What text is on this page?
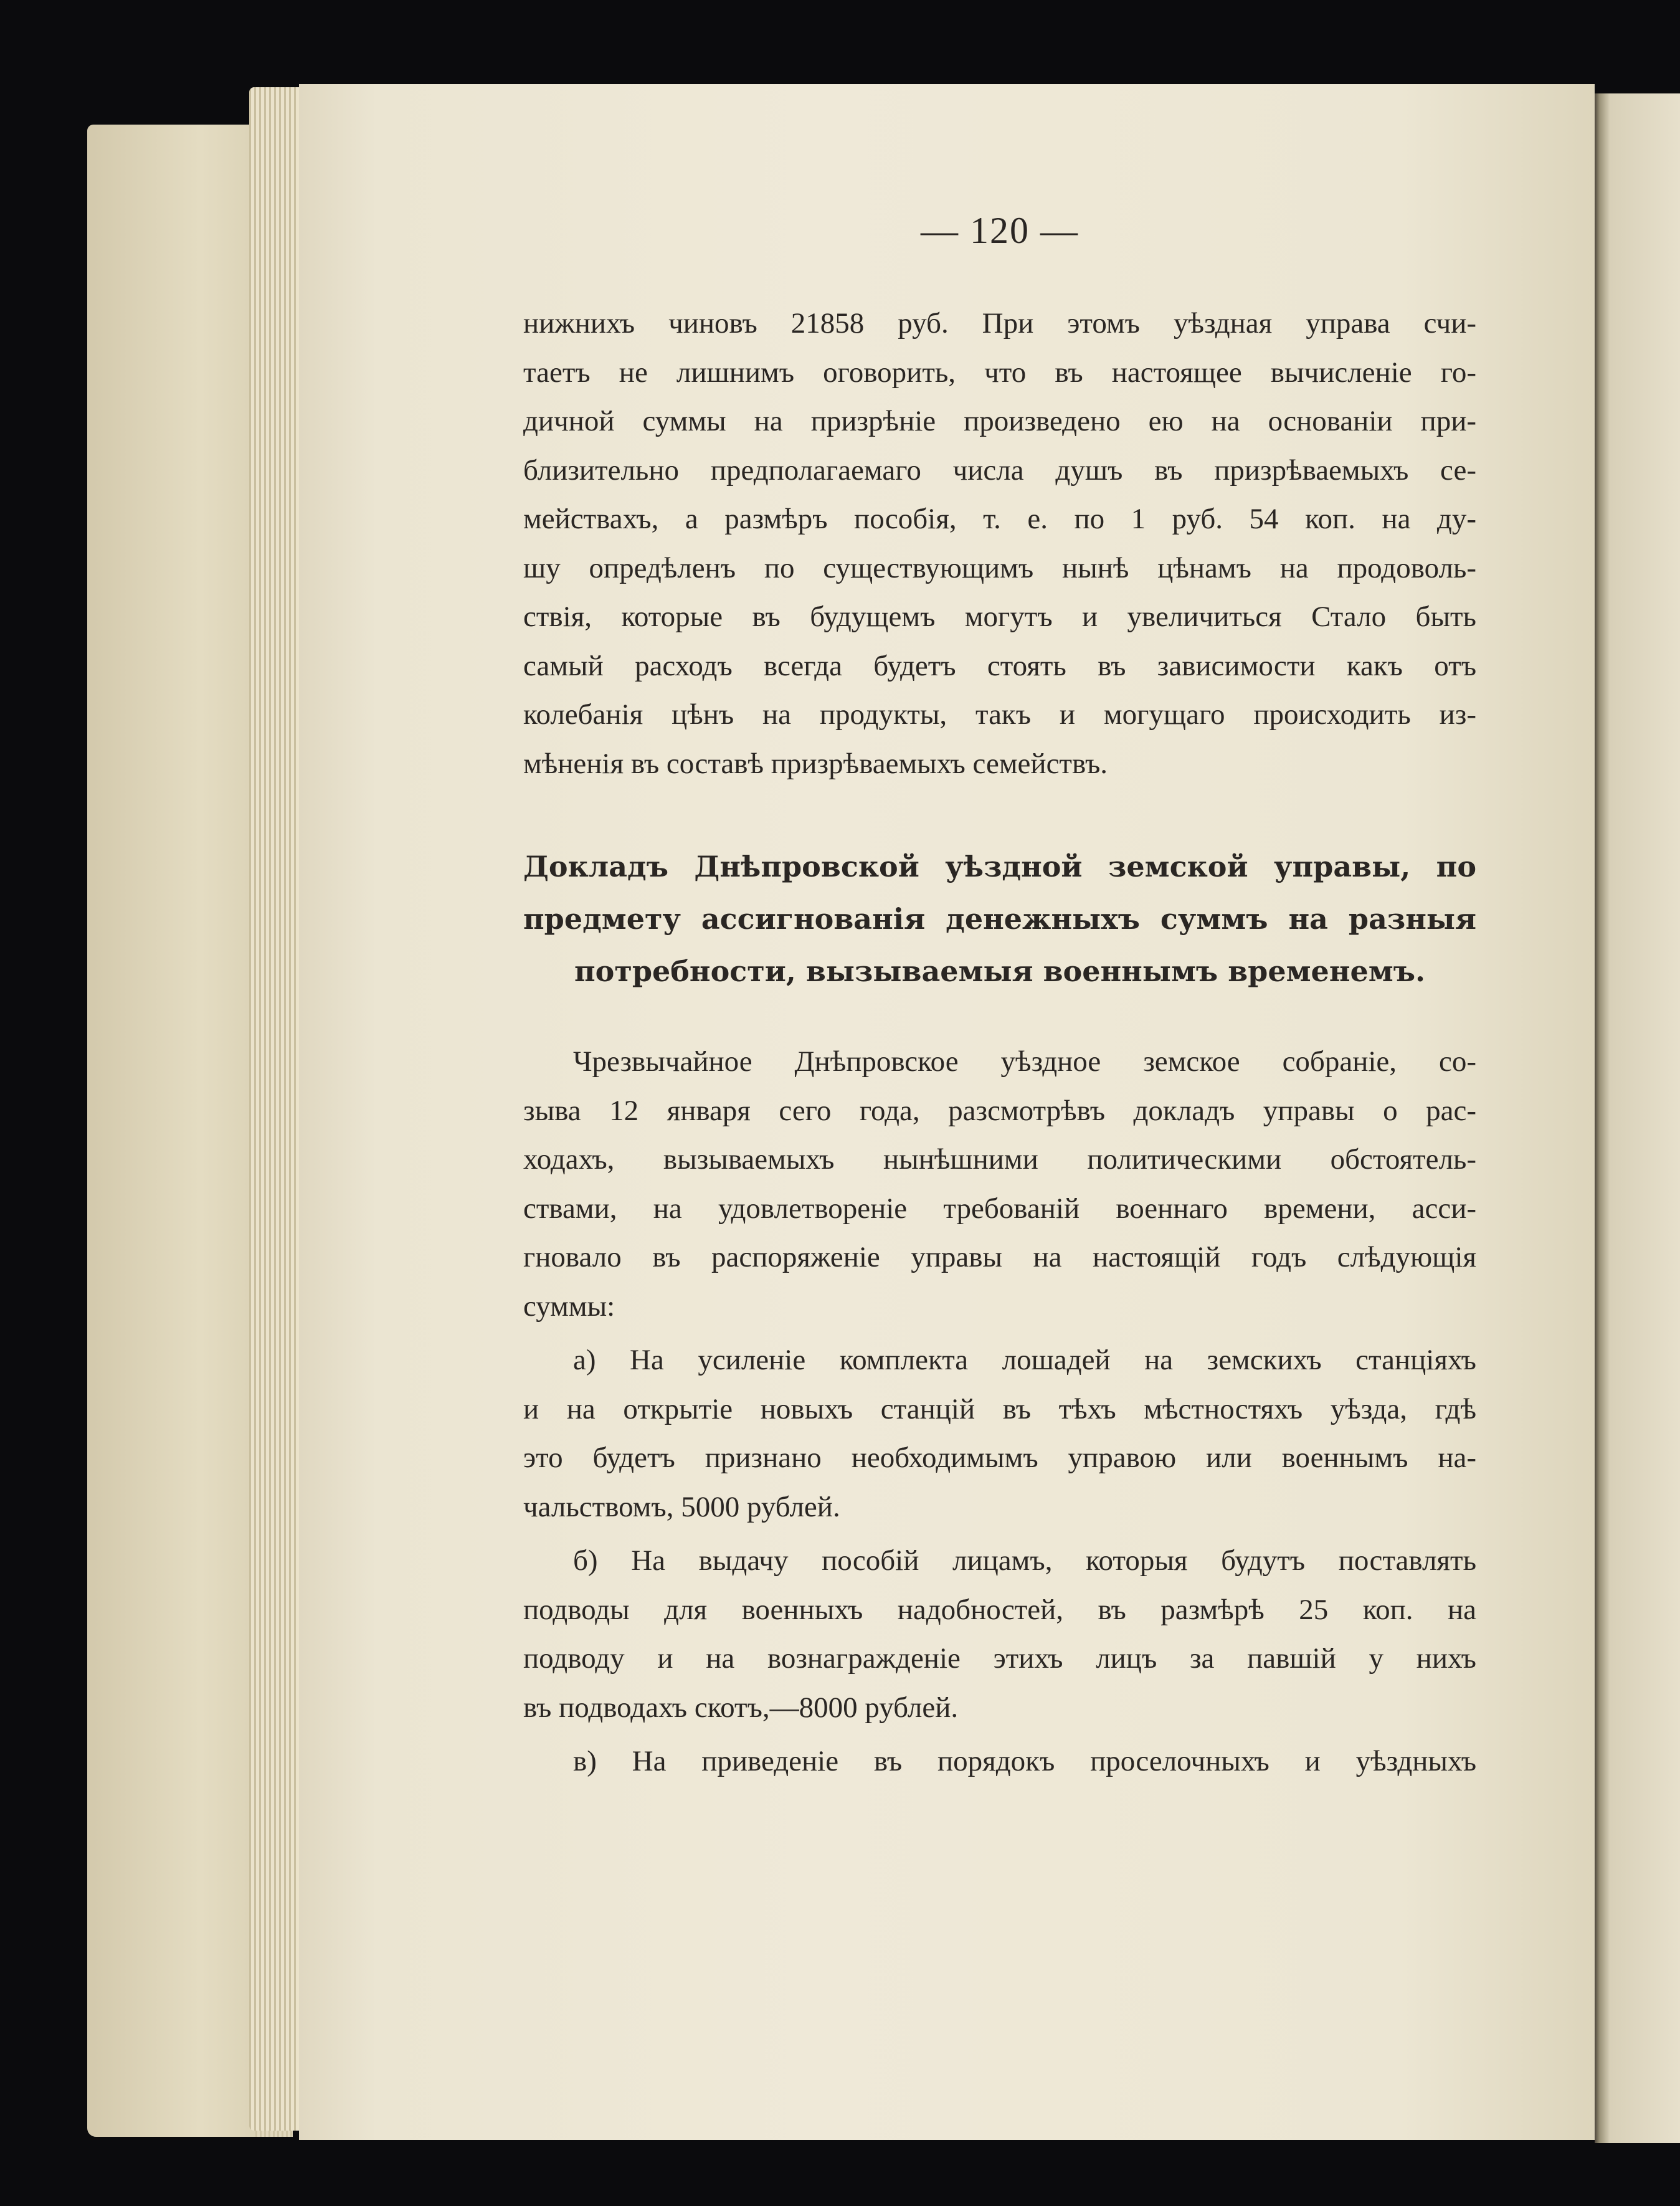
— 120 —
нижнихъ чиновъ 21858 руб. При этомъ уѣздная управа счи-
таетъ не лишнимъ оговорить, что въ настоящее вычисленіе го-
дичной суммы на призрѣніе произведено ею на основаніи при-
близительно предполагаемаго числа душъ въ призрѣваемыхъ се-
мействахъ, а размѣръ пособія, т. е. по 1 руб. 54 коп. на ду-
шу опредѣленъ по существующимъ нынѣ цѣнамъ на продоволь-
ствія, которые въ будущемъ могутъ и увеличиться Стало быть
самый расходъ всегда будетъ стоять въ зависимости какъ отъ
колебанія цѣнъ на продукты, такъ и могущаго происходить из-
мѣненія въ составѣ призрѣваемыхъ семействъ.
Докладъ Днѣпровской уѣздной земской управы, по
предмету ассигнованія денежныхъ суммъ на разныя
потребности, вызываемыя военнымъ временемъ.
Чрезвычайное Днѣпровское уѣздное земское собраніе, со-
зыва 12 января сего года, разсмотрѣвъ докладъ управы о рас-
ходахъ, вызываемыхъ нынѣшними политическими обстоятель-
ствами, на удовлетвореніе требованій военнаго времени, асси-
гновало въ распоряженіе управы на настоящій годъ слѣдующія
суммы:
а) На усиленіе комплекта лошадей на земскихъ станціяхъ
и на открытіе новыхъ станцій въ тѣхъ мѣстностяхъ уѣзда, гдѣ
это будетъ признано необходимымъ управою или военнымъ на-
чальствомъ, 5000 рублей.
б) На выдачу пособій лицамъ, которыя будутъ поставлять
подводы для военныхъ надобностей, въ размѣрѣ 25 коп. на
подводу и на вознагражденіе этихъ лицъ за павшій у нихъ
въ подводахъ скотъ,—8000 рублей.
в) На приведеніе въ порядокъ проселочныхъ и уѣздныхъ
